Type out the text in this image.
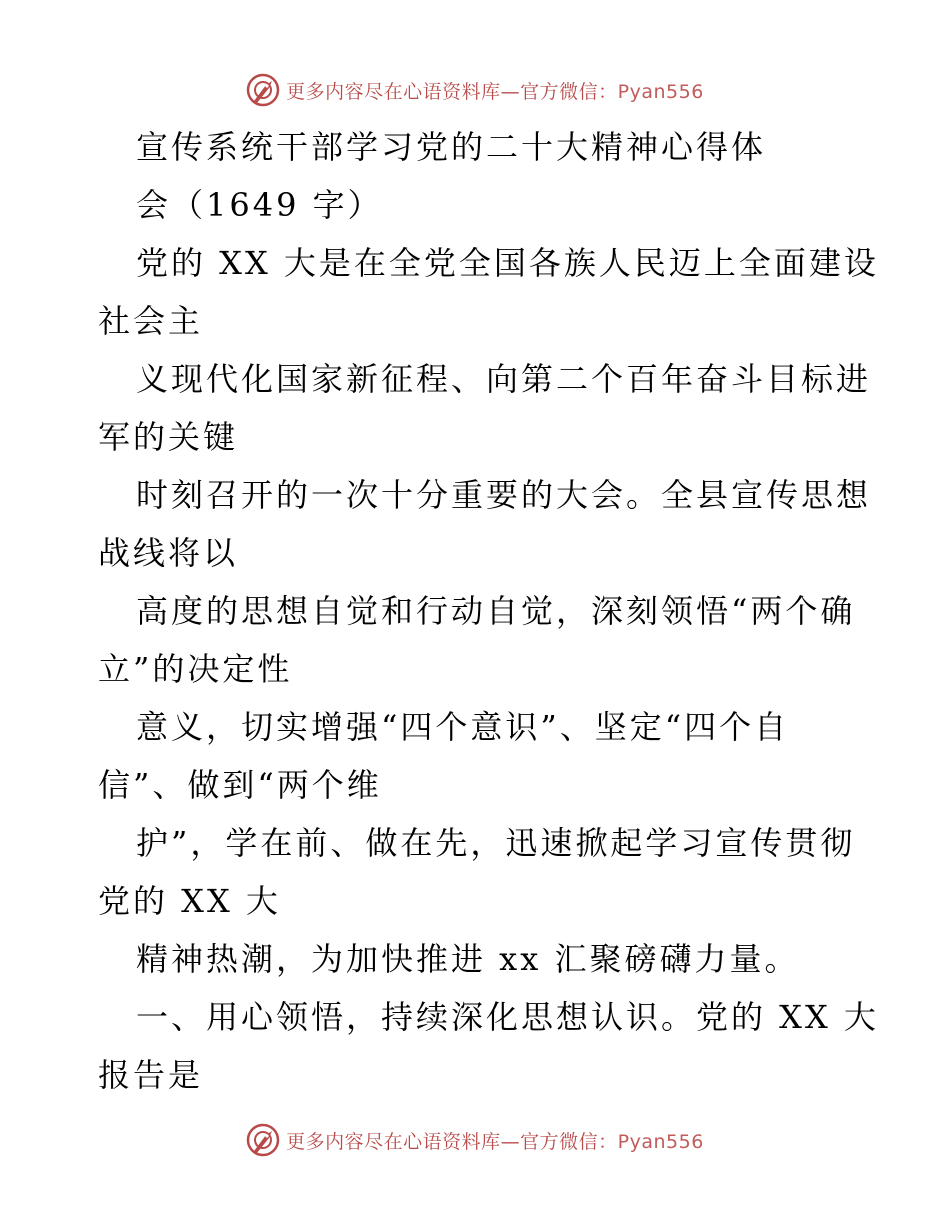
更多内容尽在心语资料库—官方微信：Pyan556
宣传系统干部学习党的二十大精神心得体
会（1649 字）
党的 XX 大是在全党全国各族人民迈上全面建设
社会主
义现代化国家新征程、向第二个百年奋斗目标进
军的关键
时刻召开的一次十分重要的大会。全县宣传思想
战线将以
高度的思想自觉和行动自觉，深刻领悟“两个确
立”的决定性
意义，切实增强“四个意识”、坚定“四个自
信”、做到“两个维
护”，学在前、做在先，迅速掀起学习宣传贯彻
党的 XX 大
精神热潮，为加快推进 xx 汇聚磅礴力量。
一、用心领悟，持续深化思想认识。党的 XX 大
报告是
更多内容尽在心语资料库—官方微信：Pyan556
